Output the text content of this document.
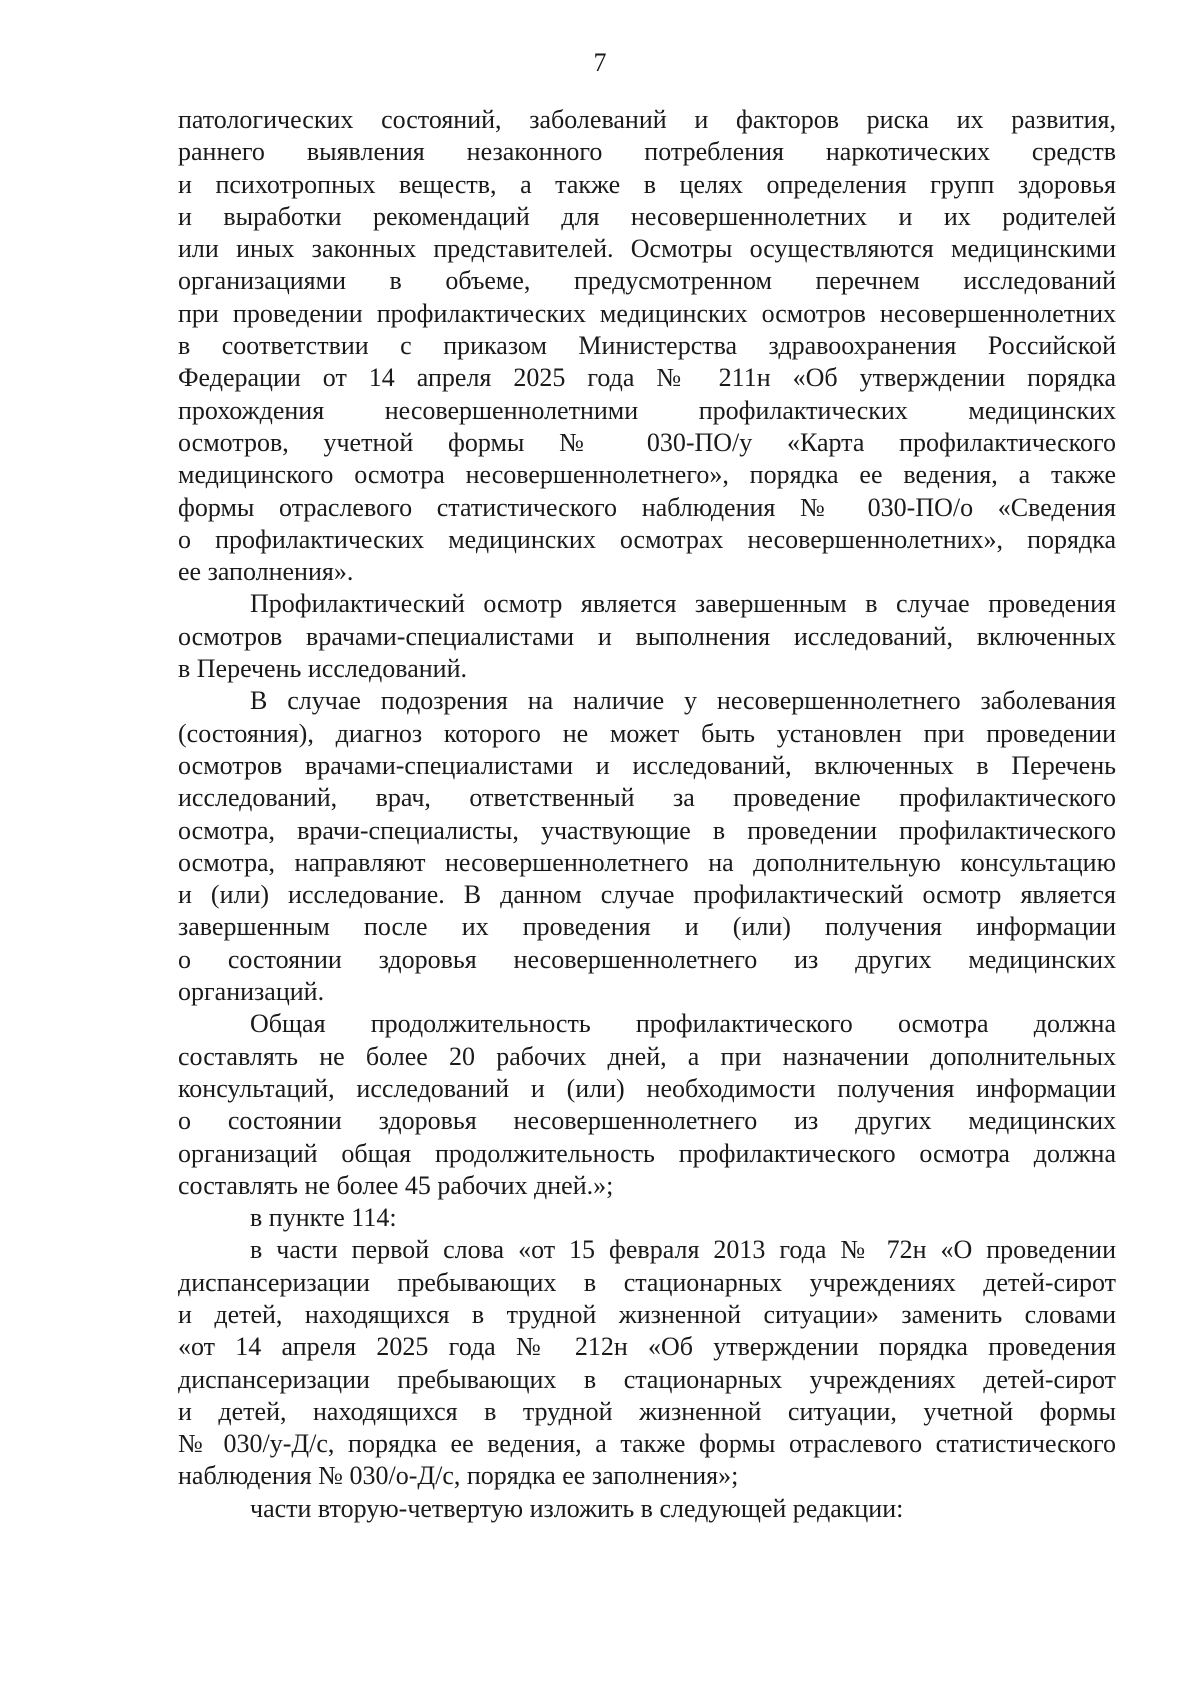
7
патологических состояний, заболеваний и факторов риска их развития,
раннего выявления незаконного потребления наркотических средств
и психотропных веществ, а также в целях определения групп здоровья
и выработки рекомендаций для несовершеннолетних и их родителей
или иных законных представителей. Осмотры осуществляются медицинскими
организациями в объеме, предусмотренном перечнем исследований
при проведении профилактических медицинских осмотров несовершеннолетних
в соответствии с приказом Министерства здравоохранения Российской
Федерации от 14 апреля 2025 года № 211н «Об утверждении порядка
прохождения несовершеннолетними профилактических медицинских
осмотров, учетной формы № 030-ПО/у «Карта профилактического
медицинского осмотра несовершеннолетнего», порядка ее ведения, а также
формы отраслевого статистического наблюдения № 030-ПО/о «Сведения
о профилактических медицинских осмотрах несовершеннолетних», порядка
ее заполнения».
Профилактический осмотр является завершенным в случае проведения
осмотров врачами-специалистами и выполнения исследований, включенных
в Перечень исследований.
В случае подозрения на наличие у несовершеннолетнего заболевания
(состояния), диагноз которого не может быть установлен при проведении
осмотров врачами-специалистами и исследований, включенных в Перечень
исследований, врач, ответственный за проведение профилактического
осмотра, врачи-специалисты, участвующие в проведении профилактического
осмотра, направляют несовершеннолетнего на дополнительную консультацию
и (или) исследование. В данном случае профилактический осмотр является
завершенным после их проведения и (или) получения информации
о состоянии здоровья несовершеннолетнего из других медицинских
организаций.
Общая продолжительность профилактического осмотра должна
составлять не более 20 рабочих дней, а при назначении дополнительных
консультаций, исследований и (или) необходимости получения информации
о состоянии здоровья несовершеннолетнего из других медицинских
организаций общая продолжительность профилактического осмотра должна
составлять не более 45 рабочих дней.»;
в пункте 114:
в части первой слова «от 15 февраля 2013 года № 72н «О проведении
диспансеризации пребывающих в стационарных учреждениях детей-сирот
и детей, находящихся в трудной жизненной ситуации» заменить словами
«от 14 апреля 2025 года № 212н «Об утверждении порядка проведения
диспансеризации пребывающих в стационарных учреждениях детей-сирот
и детей, находящихся в трудной жизненной ситуации, учетной формы
№ 030/у-Д/с, порядка ее ведения, а также формы отраслевого статистического
наблюдения № 030/о-Д/с, порядка ее заполнения»;
части вторую-четвертую изложить в следующей редакции:
